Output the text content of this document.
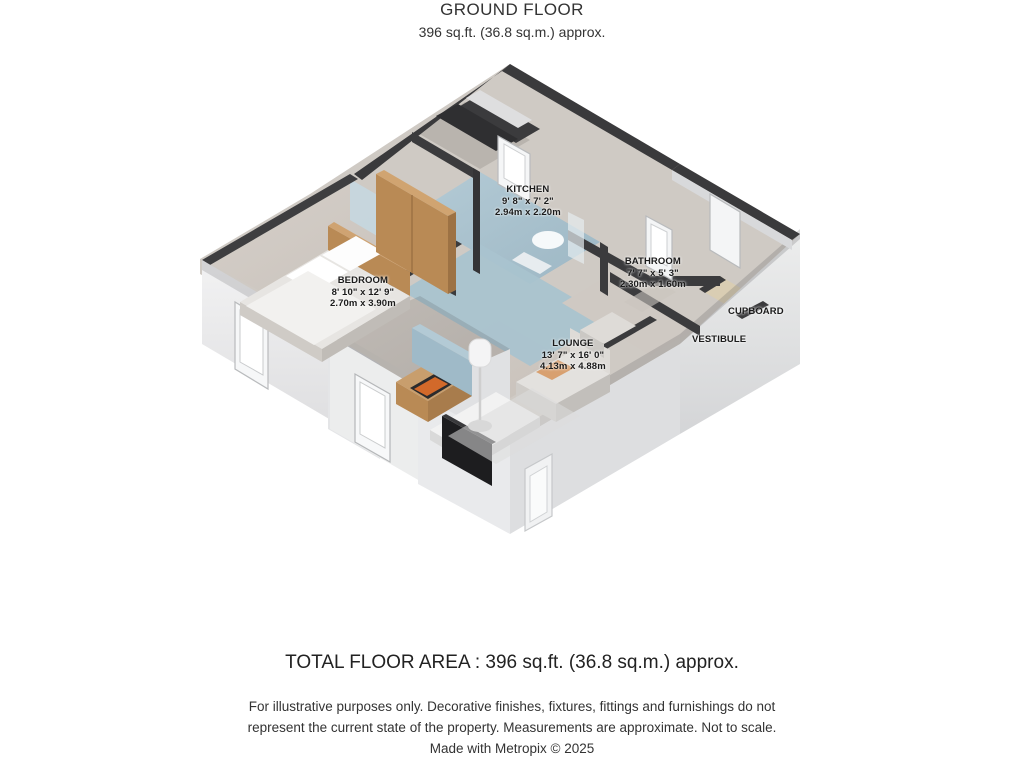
GROUND FLOOR
396 sq.ft. (36.8 sq.m.) approx.
KITCHEN
9' 8" x 7' 2"
2.94m x 2.20m
BEDROOM
8' 10" x 12' 9"
2.70m x 3.90m
BATHROOM
7' 7" x 5' 3"
2.30m x 1.60m
LOUNGE
13' 7" x 16' 0"
4.13m x 4.88m
CUPBOARD
VESTIBULE
TOTAL FLOOR AREA : 396 sq.ft. (36.8 sq.m.) approx.
For illustrative purposes only. Decorative finishes, fixtures, fittings and furnishings do not
represent the current state of the property. Measurements are approximate. Not to scale.
Made with Metropix © 2025
